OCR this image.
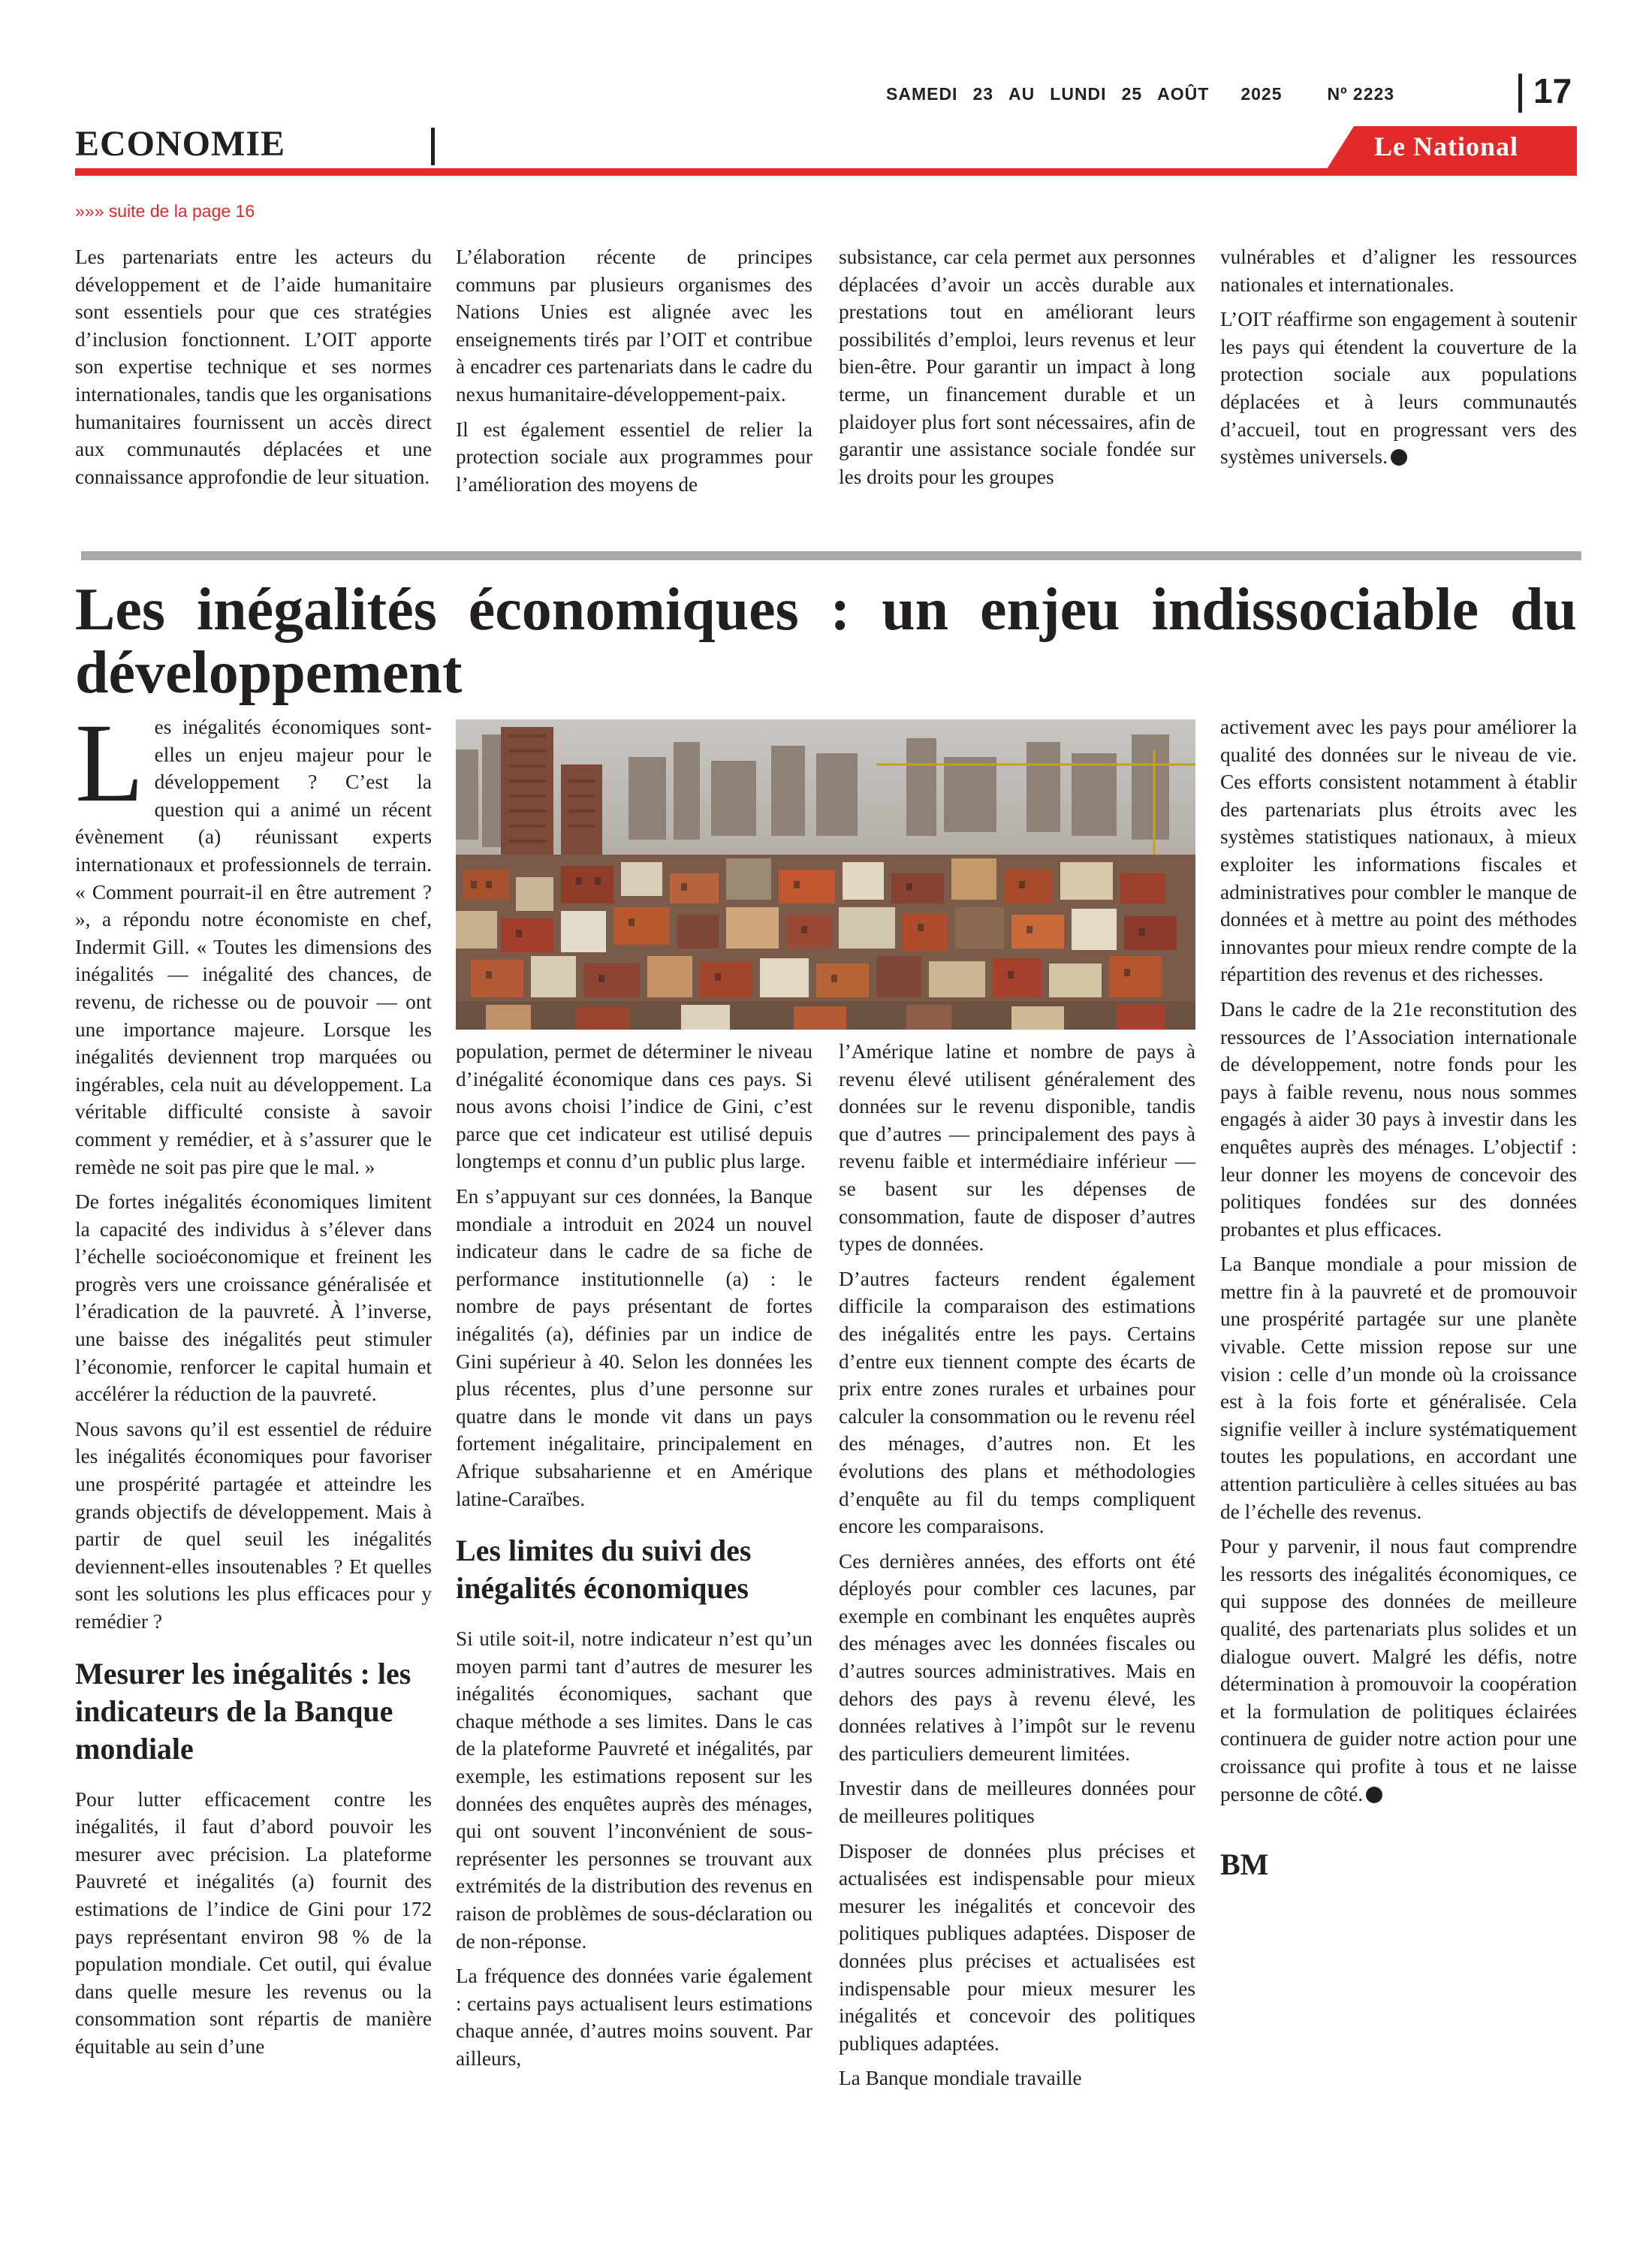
SAMEDI 23 AU LUNDI 25 AOÛT 2025	Nº 2223	17
ECONOMIE	Le National
»»» suite de la page 16

Les partenariats entre les acteurs du développement et de l’aide humanitaire sont essentiels pour que ces stratégies d’inclusion fonctionnent. L’OIT apporte son expertise technique et ses normes internationales, tandis que les organisations humanitaires fournissent un accès direct aux communautés déplacées et une connaissance approfondie de leur situation.

L’élaboration récente de principes communs par plusieurs organismes des Nations Unies est alignée avec les enseignements tirés par l’OIT et contribue à encadrer ces partenariats dans le cadre du nexus humanitaire-développement-paix.

Il est également essentiel de relier la protection sociale aux programmes pour l’amélioration des moyens de

subsistance, car cela permet aux personnes déplacées d’avoir un accès durable aux prestations tout en améliorant leurs possibilités d’emploi, leurs revenus et leur bien-être. Pour garantir un impact à long terme, un financement durable et un plaidoyer plus fort sont nécessaires, afin de garantir une assistance sociale fondée sur les droits pour les groupes

vulnérables et d’aligner les ressources nationales et internationales.

L’OIT réaffirme son engagement à soutenir les pays qui étendent la couverture de la protection sociale aux populations déplacées et à leurs communautés d’accueil, tout en progressant vers des systèmes universels.

Les inégalités économiques : un enjeu indissociable du développement

Les inégalités économiques sont-elles un enjeu majeur pour le développement ? C’est la question qui a animé un récent évènement (a) réunissant experts internationaux et professionnels de terrain. « Comment pourrait-il en être autrement ? », a répondu notre économiste en chef, Indermit Gill. « Toutes les dimensions des inégalités — inégalité des chances, de revenu, de richesse ou de pouvoir — ont une importance majeure. Lorsque les inégalités deviennent trop marquées ou ingérables, cela nuit au développement. La véritable difficulté consiste à savoir comment y remédier, et à s’assurer que le remède ne soit pas pire que le mal. »

De fortes inégalités économiques limitent la capacité des individus à s’élever dans l’échelle socioéconomique et freinent les progrès vers une croissance généralisée et l’éradication de la pauvreté. À l’inverse, une baisse des inégalités peut stimuler l’économie, renforcer le capital humain et accélérer la réduction de la pauvreté.

Nous savons qu’il est essentiel de réduire les inégalités économiques pour favoriser une prospérité partagée et atteindre les grands objectifs de développement. Mais à partir de quel seuil les inégalités deviennent-elles insoutenables ? Et quelles sont les solutions les plus efficaces pour y remédier ?

Mesurer les inégalités : les indicateurs de la Banque mondiale

Pour lutter efficacement contre les inégalités, il faut d’abord pouvoir les mesurer avec précision. La plateforme Pauvreté et inégalités (a) fournit des estimations de l’indice de Gini pour 172 pays représentant environ 98 % de la population mondiale. Cet outil, qui évalue dans quelle mesure les revenus ou la consommation sont répartis de manière équitable au sein d’une

population, permet de déterminer le niveau d’inégalité économique dans ces pays. Si nous avons choisi l’indice de Gini, c’est parce que cet indicateur est utilisé depuis longtemps et connu d’un public plus large.

En s’appuyant sur ces données, la Banque mondiale a introduit en 2024 un nouvel indicateur dans le cadre de sa fiche de performance institutionnelle (a) : le nombre de pays présentant de fortes inégalités (a), définies par un indice de Gini supérieur à 40. Selon les données les plus récentes, plus d’une personne sur quatre dans le monde vit dans un pays fortement inégalitaire, principalement en Afrique subsaharienne et en Amérique latine-Caraïbes.

Les limites du suivi des inégalités économiques

Si utile soit-il, notre indicateur n’est qu’un moyen parmi tant d’autres de mesurer les inégalités économiques, sachant que chaque méthode a ses limites. Dans le cas de la plateforme Pauvreté et inégalités, par exemple, les estimations reposent sur les données des enquêtes auprès des ménages, qui ont souvent l’inconvénient de sous-représenter les personnes se trouvant aux extrémités de la distribution des revenus en raison de problèmes de sous-déclaration ou de non-réponse.

La fréquence des données varie également : certains pays actualisent leurs estimations chaque année, d’autres moins souvent. Par ailleurs,

l’Amérique latine et nombre de pays à revenu élevé utilisent généralement des données sur le revenu disponible, tandis que d’autres — principalement des pays à revenu faible et intermédiaire inférieur — se basent sur les dépenses de consommation, faute de disposer d’autres types de données.

D’autres facteurs rendent également difficile la comparaison des estimations des inégalités entre les pays. Certains d’entre eux tiennent compte des écarts de prix entre zones rurales et urbaines pour calculer la consommation ou le revenu réel des ménages, d’autres non. Et les évolutions des plans et méthodologies d’enquête au fil du temps compliquent encore les comparaisons.

Ces dernières années, des efforts ont été déployés pour combler ces lacunes, par exemple en combinant les enquêtes auprès des ménages avec les données fiscales ou d’autres sources administratives. Mais en dehors des pays à revenu élevé, les données relatives à l’impôt sur le revenu des particuliers demeurent limitées.

Investir dans de meilleures données pour de meilleures politiques

Disposer de données plus précises et actualisées est indispensable pour mieux mesurer les inégalités et concevoir des politiques publiques adaptées. Disposer de données plus précises et actualisées est indispensable pour mieux mesurer les inégalités et concevoir des politiques publiques adaptées.

La Banque mondiale travaille

activement avec les pays pour améliorer la qualité des données sur le niveau de vie. Ces efforts consistent notamment à établir des partenariats plus étroits avec les systèmes statistiques nationaux, à mieux exploiter les informations fiscales et administratives pour combler le manque de données et à mettre au point des méthodes innovantes pour mieux rendre compte de la répartition des revenus et des richesses.

Dans le cadre de la 21e reconstitution des ressources de l’Association internationale de développement, notre fonds pour les pays à faible revenu, nous nous sommes engagés à aider 30 pays à investir dans les enquêtes auprès des ménages. L’objectif : leur donner les moyens de concevoir des politiques fondées sur des données probantes et plus efficaces.

La Banque mondiale a pour mission de mettre fin à la pauvreté et de promouvoir une prospérité partagée sur une planète vivable. Cette mission repose sur une vision : celle d’un monde où la croissance est à la fois forte et généralisée. Cela signifie veiller à inclure systématiquement toutes les populations, en accordant une attention particulière à celles situées au bas de l’échelle des revenus.

Pour y parvenir, il nous faut comprendre les ressorts des inégalités économiques, ce qui suppose des données de meilleure qualité, des partenariats plus solides et un dialogue ouvert. Malgré les défis, notre détermination à promouvoir la coopération et la formulation de politiques éclairées continuera de guider notre action pour une croissance qui profite à tous et ne laisse personne de côté.

BM
